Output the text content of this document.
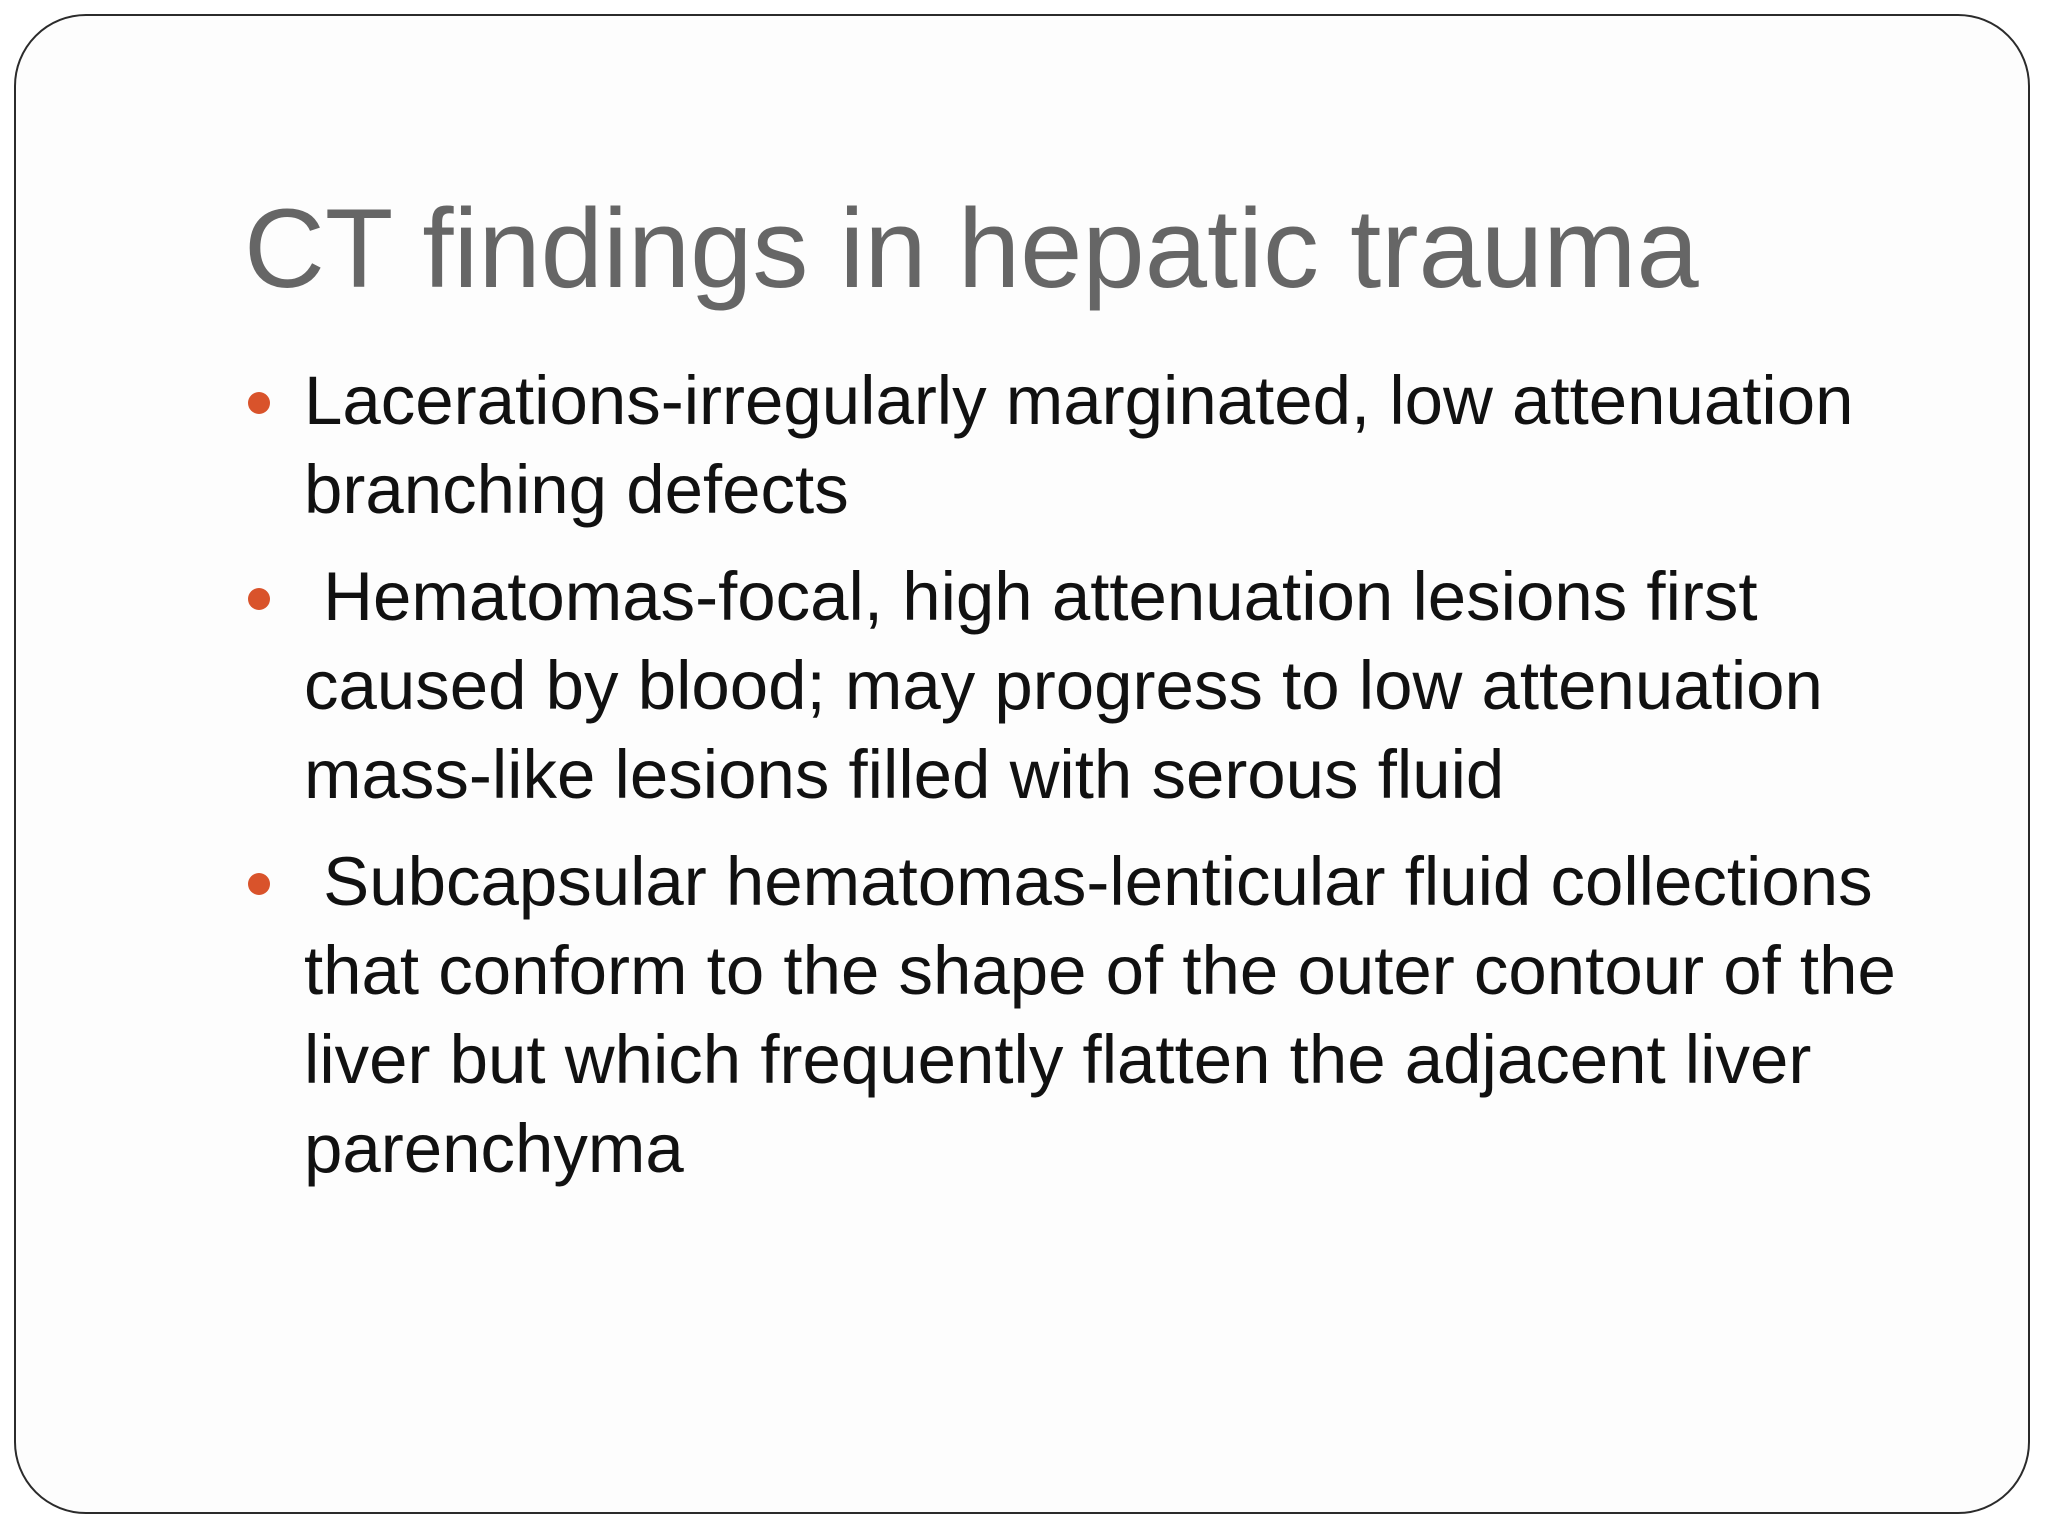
CT findings in hepatic trauma
Lacerations-irregularly marginated, low attenuation branching defects
Hematomas-focal, high attenuation lesions first caused by blood; may progress to low attenuation mass-like lesions filled with serous fluid
Subcapsular hematomas-lenticular fluid collections that conform to the shape of the outer contour of the liver but which frequently flatten the adjacent liver parenchyma
